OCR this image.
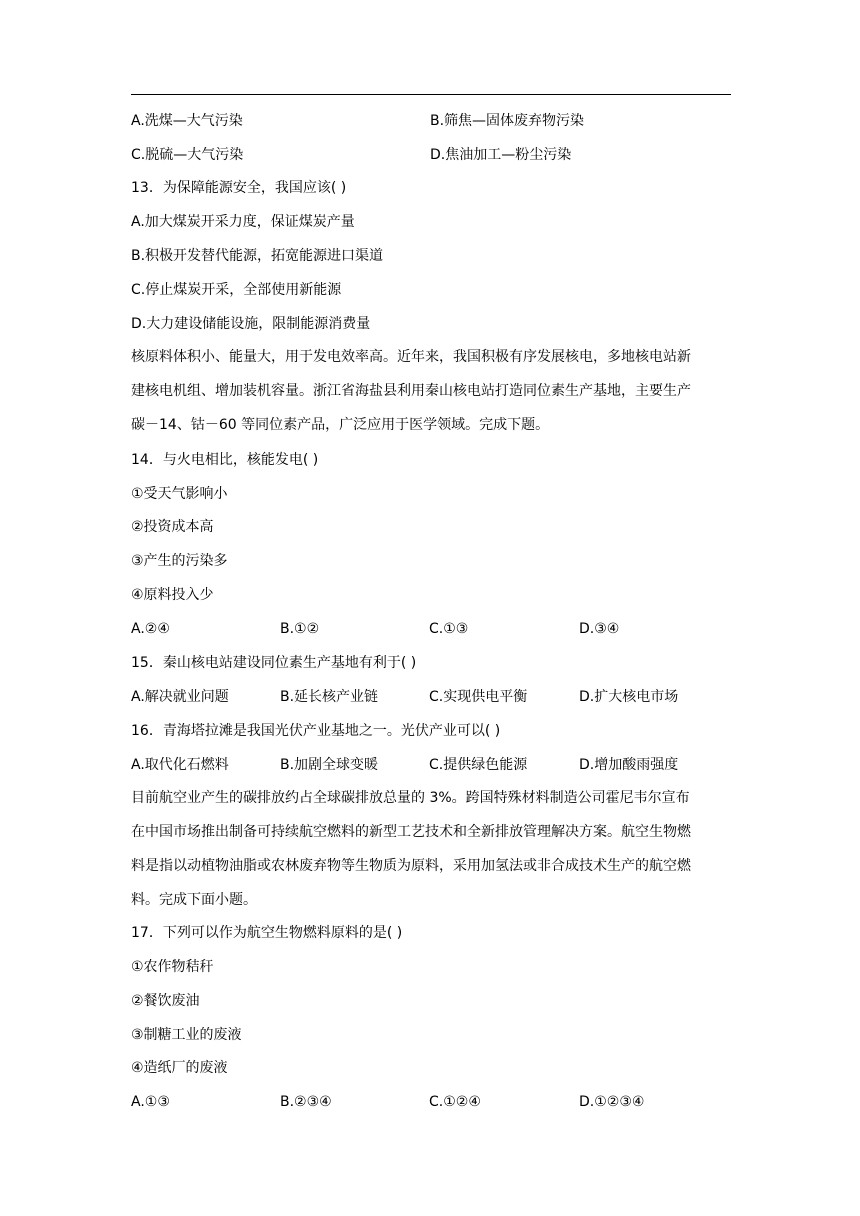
A.洗煤—大气污染	B.筛焦—固体废弃物污染
C.脱硫—大气污染	D.焦油加工—粉尘污染
13．为保障能源安全，我国应该( )
A.加大煤炭开采力度，保证煤炭产量
B.积极开发替代能源，拓宽能源进口渠道
C.停止煤炭开采，全部使用新能源
D.大力建设储能设施，限制能源消费量
核原料体积小、能量大，用于发电效率高。近年来，我国积极有序发展核电，多地核电站新
建核电机组、增加装机容量。浙江省海盐县利用秦山核电站打造同位素生产基地，主要生产
碳－14、钴－60 等同位素产品，广泛应用于医学领域。完成下题。
14．与火电相比，核能发电( )
①受天气影响小
②投资成本高
③产生的污染多
④原料投入少
A.②④	B.①②	C.①③	D.③④
15．秦山核电站建设同位素生产基地有利于( )
A.解决就业问题	B.延长核产业链	C.实现供电平衡	D.扩大核电市场
16．青海塔拉滩是我国光伏产业基地之一。光伏产业可以( )
A.取代化石燃料	B.加剧全球变暖	C.提供绿色能源	D.增加酸雨强度
目前航空业产生的碳排放约占全球碳排放总量的 3%。跨国特殊材料制造公司霍尼韦尔宣布
在中国市场推出制备可持续航空燃料的新型工艺技术和全新排放管理解决方案。航空生物燃
料是指以动植物油脂或农林废弃物等生物质为原料，采用加氢法或非合成技术生产的航空燃
料。完成下面小题。
17．下列可以作为航空生物燃料原料的是( )
①农作物秸秆
②餐饮废油
③制糖工业的废液
④造纸厂的废液
A.①③	B.②③④	C.①②④	D.①②③④
